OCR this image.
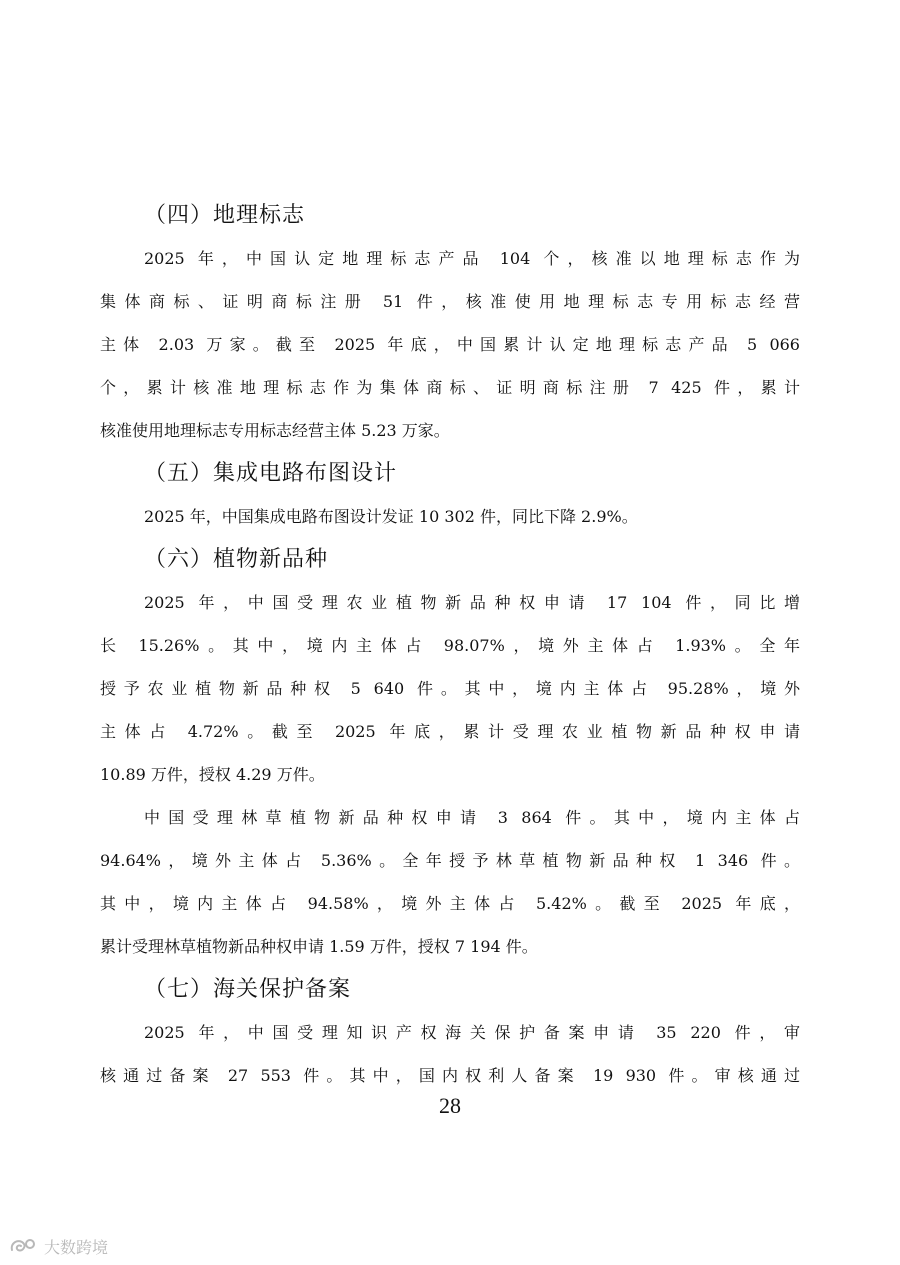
（四）地理标志
2025 年，中国认定地理标志产品 104 个，核准以地理标志作为
集体商标、证明商标注册 51 件，核准使用地理标志专用标志经营
主体 2.03 万家。截至 2025 年底，中国累计认定地理标志产品 5 066
个，累计核准地理标志作为集体商标、证明商标注册 7 425 件，累计
核准使用地理标志专用标志经营主体 5.23 万家。
（五）集成电路布图设计
2025 年，中国集成电路布图设计发证 10 302 件，同比下降 2.9%。
（六）植物新品种
2025 年，中国受理农业植物新品种权申请 17 104 件，同比增
长 15.26%。其中，境内主体占 98.07%，境外主体占 1.93%。全年
授予农业植物新品种权 5 640 件。其中，境内主体占 95.28%，境外
主体占 4.72%。截至 2025 年底，累计受理农业植物新品种权申请
10.89 万件，授权 4.29 万件。
中国受理林草植物新品种权申请 3 864 件。其中，境内主体占
94.64%，境外主体占 5.36%。全年授予林草植物新品种权 1 346 件。
其中，境内主体占 94.58%，境外主体占 5.42%。截至 2025 年底，
累计受理林草植物新品种权申请 1.59 万件，授权 7 194 件。
（七）海关保护备案
2025 年，中国受理知识产权海关保护备案申请 35 220 件，审
核通过备案 27 553 件。其中，国内权利人备案 19 930 件。审核通过
28
大数跨境
